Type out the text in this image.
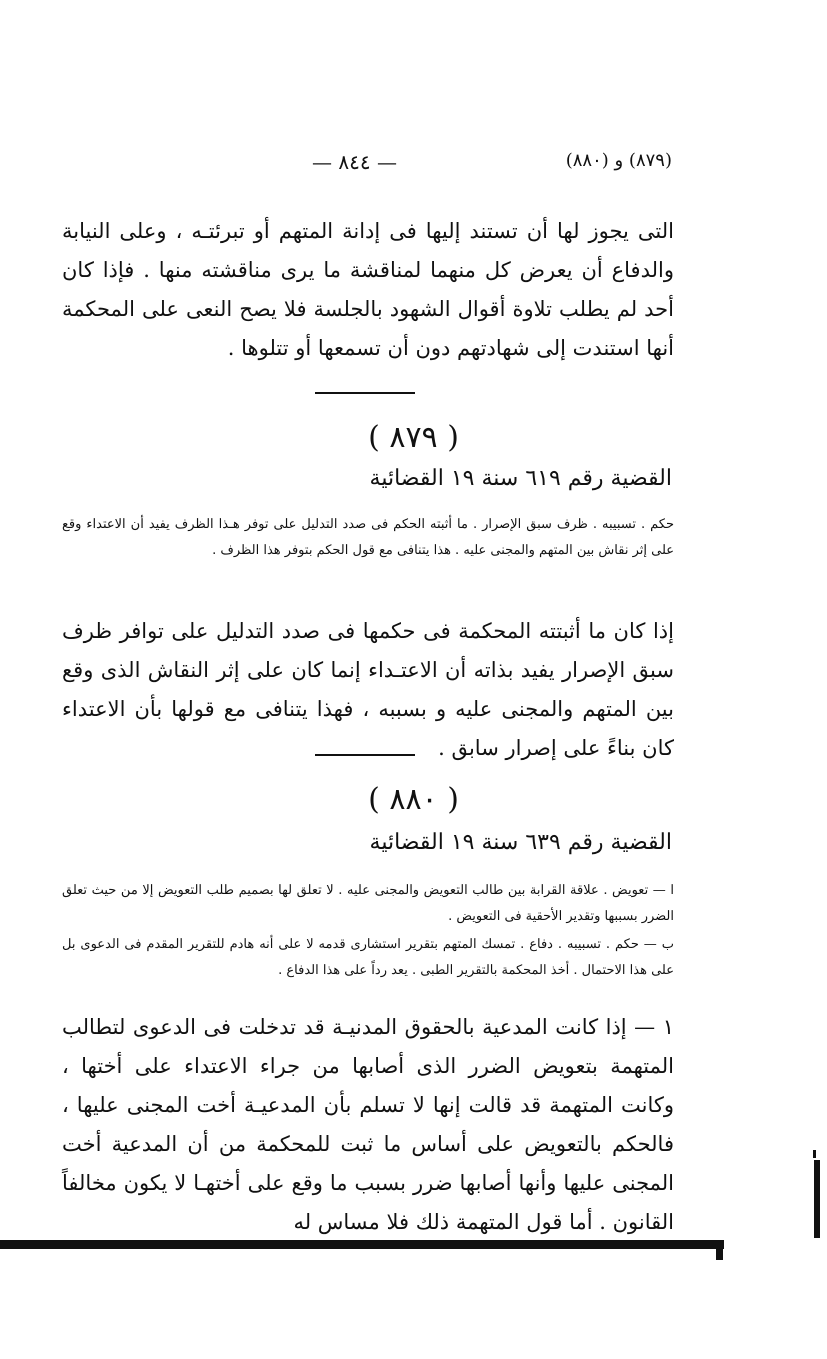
— ٨٤٤ —	(٨٧٩) و (٨٨٠)
التى يجوز لها أن تستند إليها فى إدانة المتهم أو تبرئتـه ، وعلى النيابة والدفاع أن يعرض كل منهما لمناقشة ما يرى مناقشته منها . فإذا كان أحد لم يطلب تلاوة أقوال الشهود بالجلسة فلا يصح النعى على المحكمة أنها استندت إلى شهادتهم دون أن تسمعها أو تتلوها .
( ٨٧٩ )
القضية رقم ٦١٩ سنة ١٩ القضائية
حكم . تسبيبه . ظرف سبق الإصرار . ما أثبته الحكم فى صدد التدليل على توفر هـذا الظرف يفيد أن الاعتداء وقع على إثر نقاش بين المتهم والمجنى عليه . هذا يتنافى مع قول الحكم بتوفر هذا الظرف .
إذا كان ما أثبتته المحكمة فى حكمها فى صدد التدليل على توافر ظرف سبق الإصرار يفيد بذاته أن الاعتـداء إنما كان على إثر النقاش الذى وقع بين المتهم والمجنى عليه و بسببه ، فهذا يتنافى مع قولها بأن الاعتداء كان بناءً على إصرار سابق .
( ٨٨٠ )
القضية رقم ٦٣٩ سنة ١٩ القضائية
ا — تعويض . علاقة القرابة بين طالب التعويض والمجنى عليه . لا تعلق لها بصميم طلب التعويض إلا من حيث تعلق الضرر بسببها وتقدير الأحقية فى التعويض .
ب — حكم . تسبيبه . دفاع . تمسك المتهم بتقرير استشارى قدمه لا على أنه هادم للتقرير المقدم فى الدعوى بل على هذا الاحتمال . أخذ المحكمة بالتقرير الطبى . يعد رداً على هذا الدفاع .
١ — إذا كانت المدعية بالحقوق المدنيـة قد تدخلت فى الدعوى لتطالب المتهمة بتعويض الضرر الذى أصابها من جراء الاعتداء على أختها ، وكانت المتهمة قد قالت إنها لا تسلم بأن المدعيـة أخت المجنى عليها ، فالحكم بالتعويض على أساس ما ثبت للمحكمة من أن المدعية أخت المجنى عليها وأنها أصابها ضرر بسبب ما وقع على أختهـا لا يكون مخالفاً القانون . أما قول المتهمة ذلك فلا مساس له
